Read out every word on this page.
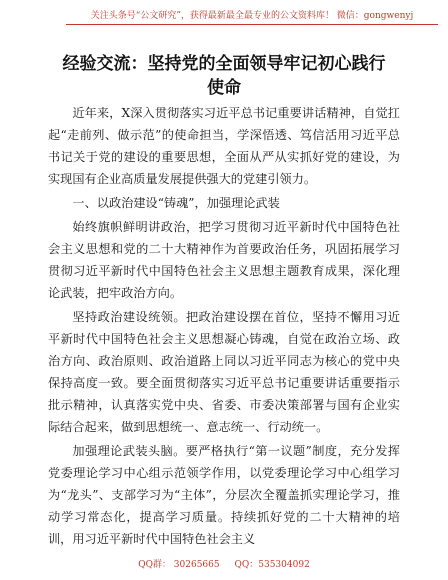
关注头条号“公文研究”，获得最新最全最专业的公文资料库！ 微信：gongwenyj
经验交流：坚持党的全面领导牢记初心践行使命

近年来，X深入贯彻落实习近平总书记重要讲话精神，自觉扛起“走前列、做示范”的使命担当，学深悟透、笃信活用习近平总书记关于党的建设的重要思想，全面从严从实抓好党的建设，为实现国有企业高质量发展提供强大的党建引领力。

一、以政治建设“铸魂”，加强理论武装

始终旗帜鲜明讲政治，把学习贯彻习近平新时代中国特色社会主义思想和党的二十大精神作为首要政治任务，巩固拓展学习贯彻习近平新时代中国特色社会主义思想主题教育成果，深化理论武装，把牢政治方向。

坚持政治建设统领。把政治建设摆在首位，坚持不懈用习近平新时代中国特色社会主义思想凝心铸魂，自觉在政治立场、政治方向、政治原则、政治道路上同以习近平同志为核心的党中央保持高度一致。要全面贯彻落实习近平总书记重要讲话重要指示批示精神，认真落实党中央、省委、市委决策部署与国有企业实际结合起来，做到思想统一、意志统一、行动统一。

加强理论武装头脑。要严格执行“第一议题”制度，充分发挥党委理论学习中心组示范领学作用，以党委理论学习中心组学习为“龙头”、支部学习为“主体”，分层次全覆盖抓实理论学习，推动学习常态化，提高学习质量。持续抓好党的二十大精神的培训，用习近平新时代中国特色社会主义

QQ群： 30265665 QQ：535304092
